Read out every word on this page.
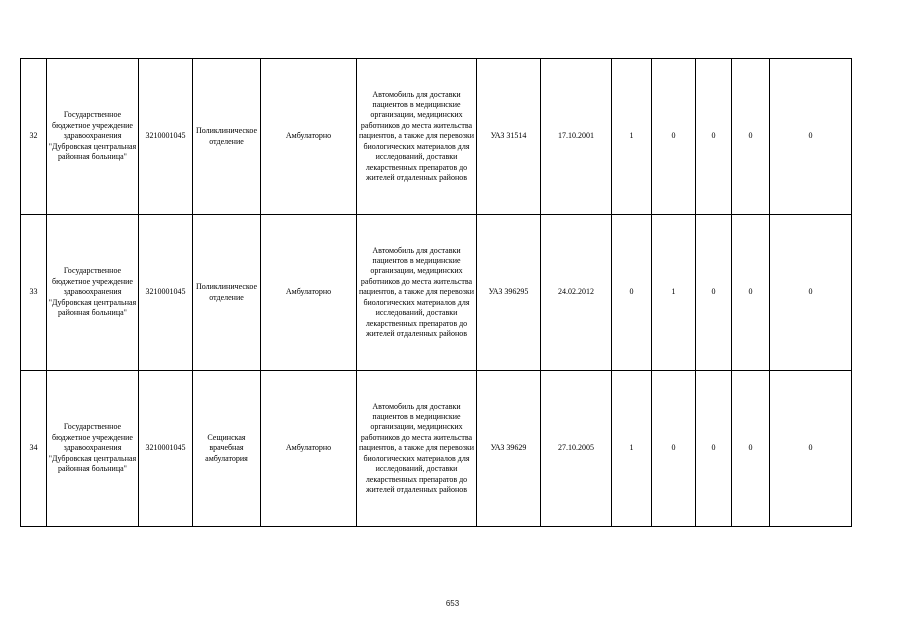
32	Государственное бюджетное учреждение здравоохранения "Дубровская центральная районная больница"	3210001045	Поликлиническое отделение	Амбулаторно	Автомобиль для доставки пациентов в медицинские организации, медицинских работников до места жительства пациентов, а также для перевозки биологических материалов для исследований, доставки лекарственных препаратов до жителей отдаленных районов	УАЗ 31514	17.10.2001	1	0	0	0	0
33	Государственное бюджетное учреждение здравоохранения "Дубровская центральная районная больница"	3210001045	Поликлиническое отделение	Амбулаторно	Автомобиль для доставки пациентов в медицинские организации, медицинских работников до места жительства пациентов, а также для перевозки биологических материалов для исследований, доставки лекарственных препаратов до жителей отдаленных районов	УАЗ 396295	24.02.2012	0	1	0	0	0
34	Государственное бюджетное учреждение здравоохранения "Дубровская центральная районная больница"	3210001045	Сещинская врачебная амбулатория	Амбулаторно	Автомобиль для доставки пациентов в медицинские организации, медицинских работников до места жительства пациентов, а также для перевозки биологических материалов для исследований, доставки лекарственных препаратов до жителей отдаленных районов	УАЗ 39629	27.10.2005	1	0	0	0	0
653
